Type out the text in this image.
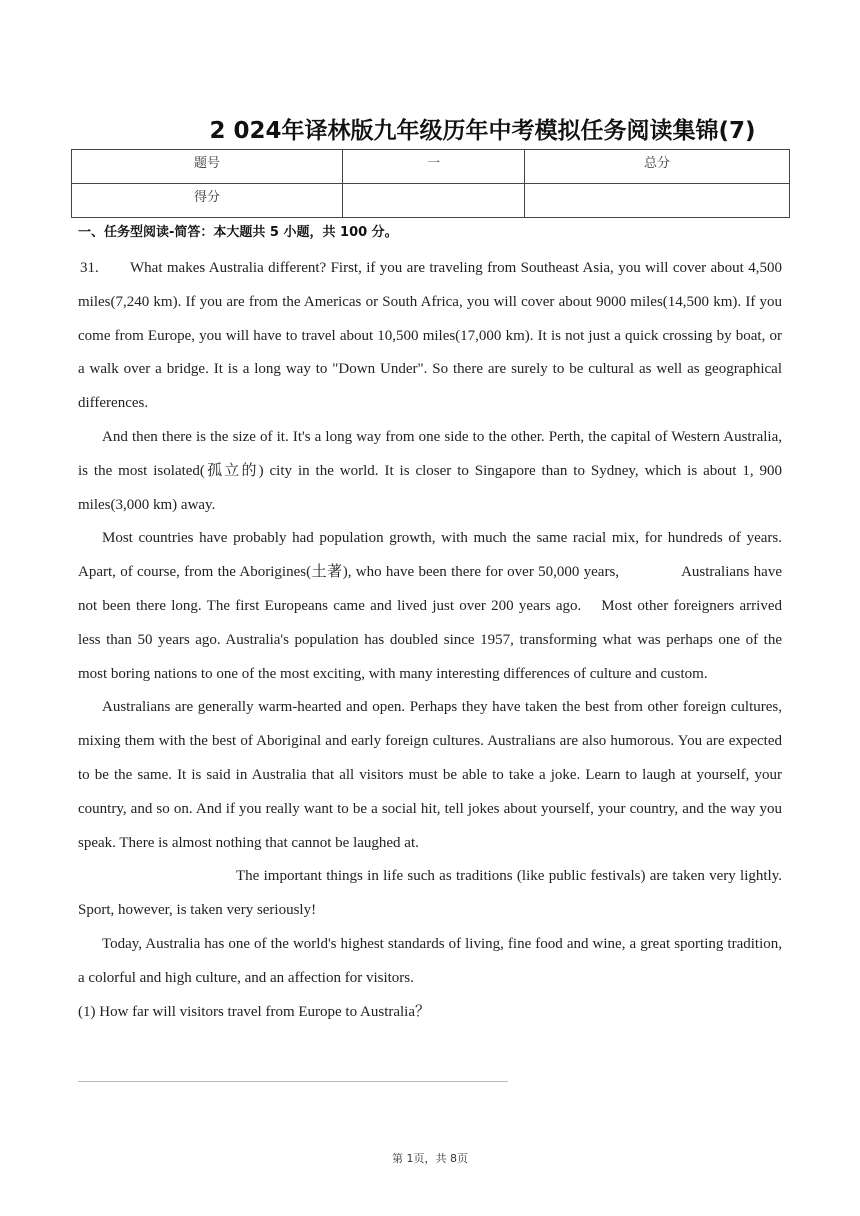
2 024年译林版九年级历年中考模拟任务阅读集锦(7)
题号	一	总分
得分		
一、任务型阅读-简答：本大题共 5 小题，共 100 分。

31. What makes Australia different? First, if you are traveling from Southeast Asia, you will cover about 4,500 miles(7,240 km). If you are from the Americas or South Africa, you will cover about 9000 miles(14,500 km). If you come from Europe, you will have to travel about 10,500 miles(17,000 km). It is not just a quick crossing by boat, or a walk over a bridge. It is a long way to "Down Under". So there are surely to be cultural as well as geographical differences.

And then there is the size of it. It's a long way from one side to the other. Perth, the capital of Western Australia, is the most isolated(孤立的) city in the world. It is closer to Singapore than to Sydney, which is about 1, 900 miles(3,000 km) away.

Most countries have probably had population growth, with much the same racial mix, for hundreds of years. Apart, of course, from the Aborigines(土著), who have been there for over 50,000 years,	Australians have not been there long. The first Europeans came and lived just over 200 years ago. Most other foreigners arrived less than 50 years ago. Australia's population has doubled since 1957, transforming what was perhaps one of the most boring nations to one of the most exciting, with many interesting differences of culture and custom.

Australians are generally warm-hearted and open. Perhaps they have taken the best from other foreign cultures, mixing them with the best of Aboriginal and early foreign cultures. Australians are also humorous. You are expected to be the same. It is said in Australia that all visitors must be able to take a joke. Learn to laugh at yourself, your country, and so on. And if you really want to be a social hit, tell jokes about yourself, your country, and the way you speak. There is almost nothing that cannot be laughed at.

The important things in life such as traditions (like public festivals) are taken very lightly. Sport, however, is taken very seriously!

Today, Australia has one of the world's highest standards of living, fine food and wine, a great sporting tradition, a colorful and high culture, and an affection for visitors.

(1) How far will visitors travel from Europe to Australia？

第 1页，共 8页
